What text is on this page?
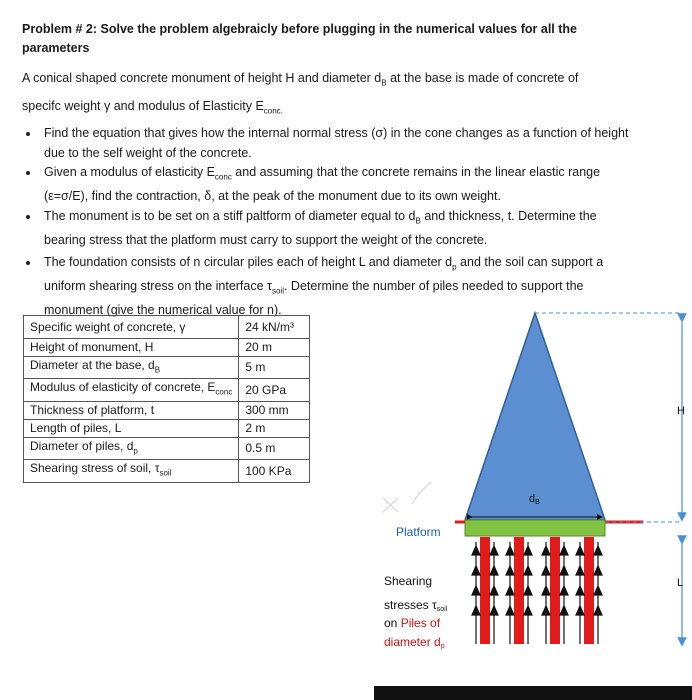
Problem # 2: Solve the problem algebraicly before plugging in the numerical values for all the parameters
A conical shaped concrete monument of height H and diameter $d_B$ at the base is made of concrete of
specifc weight γ and modulus of Elasticity $E_{conc.}$
Find the equation that gives how the internal normal stress (σ) in the cone changes as a function of height due to the self weight of the concrete.
Given a modulus of elasticity $E_{conc}$ and assuming that the concrete remains in the linear elastic range (ε=σ/E), find the contraction, δ, at the peak of the monument due to its own weight.
The monument is to be set on a stiff paltform of diameter equal to $d_B$ and thickness, t. Determine the bearing stress that the platform must carry to support the weight of the concrete.
The foundation consists of n circular piles each of height L and diameter $d_p$ and the soil can support a uniform shearing stress on the interface $\tau_{soil}$. Determine the number of piles needed to support the monument (give the numerical value for n).
Specific weight of concrete, γ	24 kN/m³
Height of monument, H	20 m
Diameter at the base, $d_B$	5 m
Modulus of elasticity of concrete, $E_{conc}$	20 GPa
Thickness of platform, t	300 mm
Length of piles, L	2 m
Diameter of piles, $d_p$	0.5 m
Shearing stress of soil, $\tau_{soil}$	100 KPa
dB
H
L
Platform
Shearing
stresses τsoil
on Piles of
diameter dp
